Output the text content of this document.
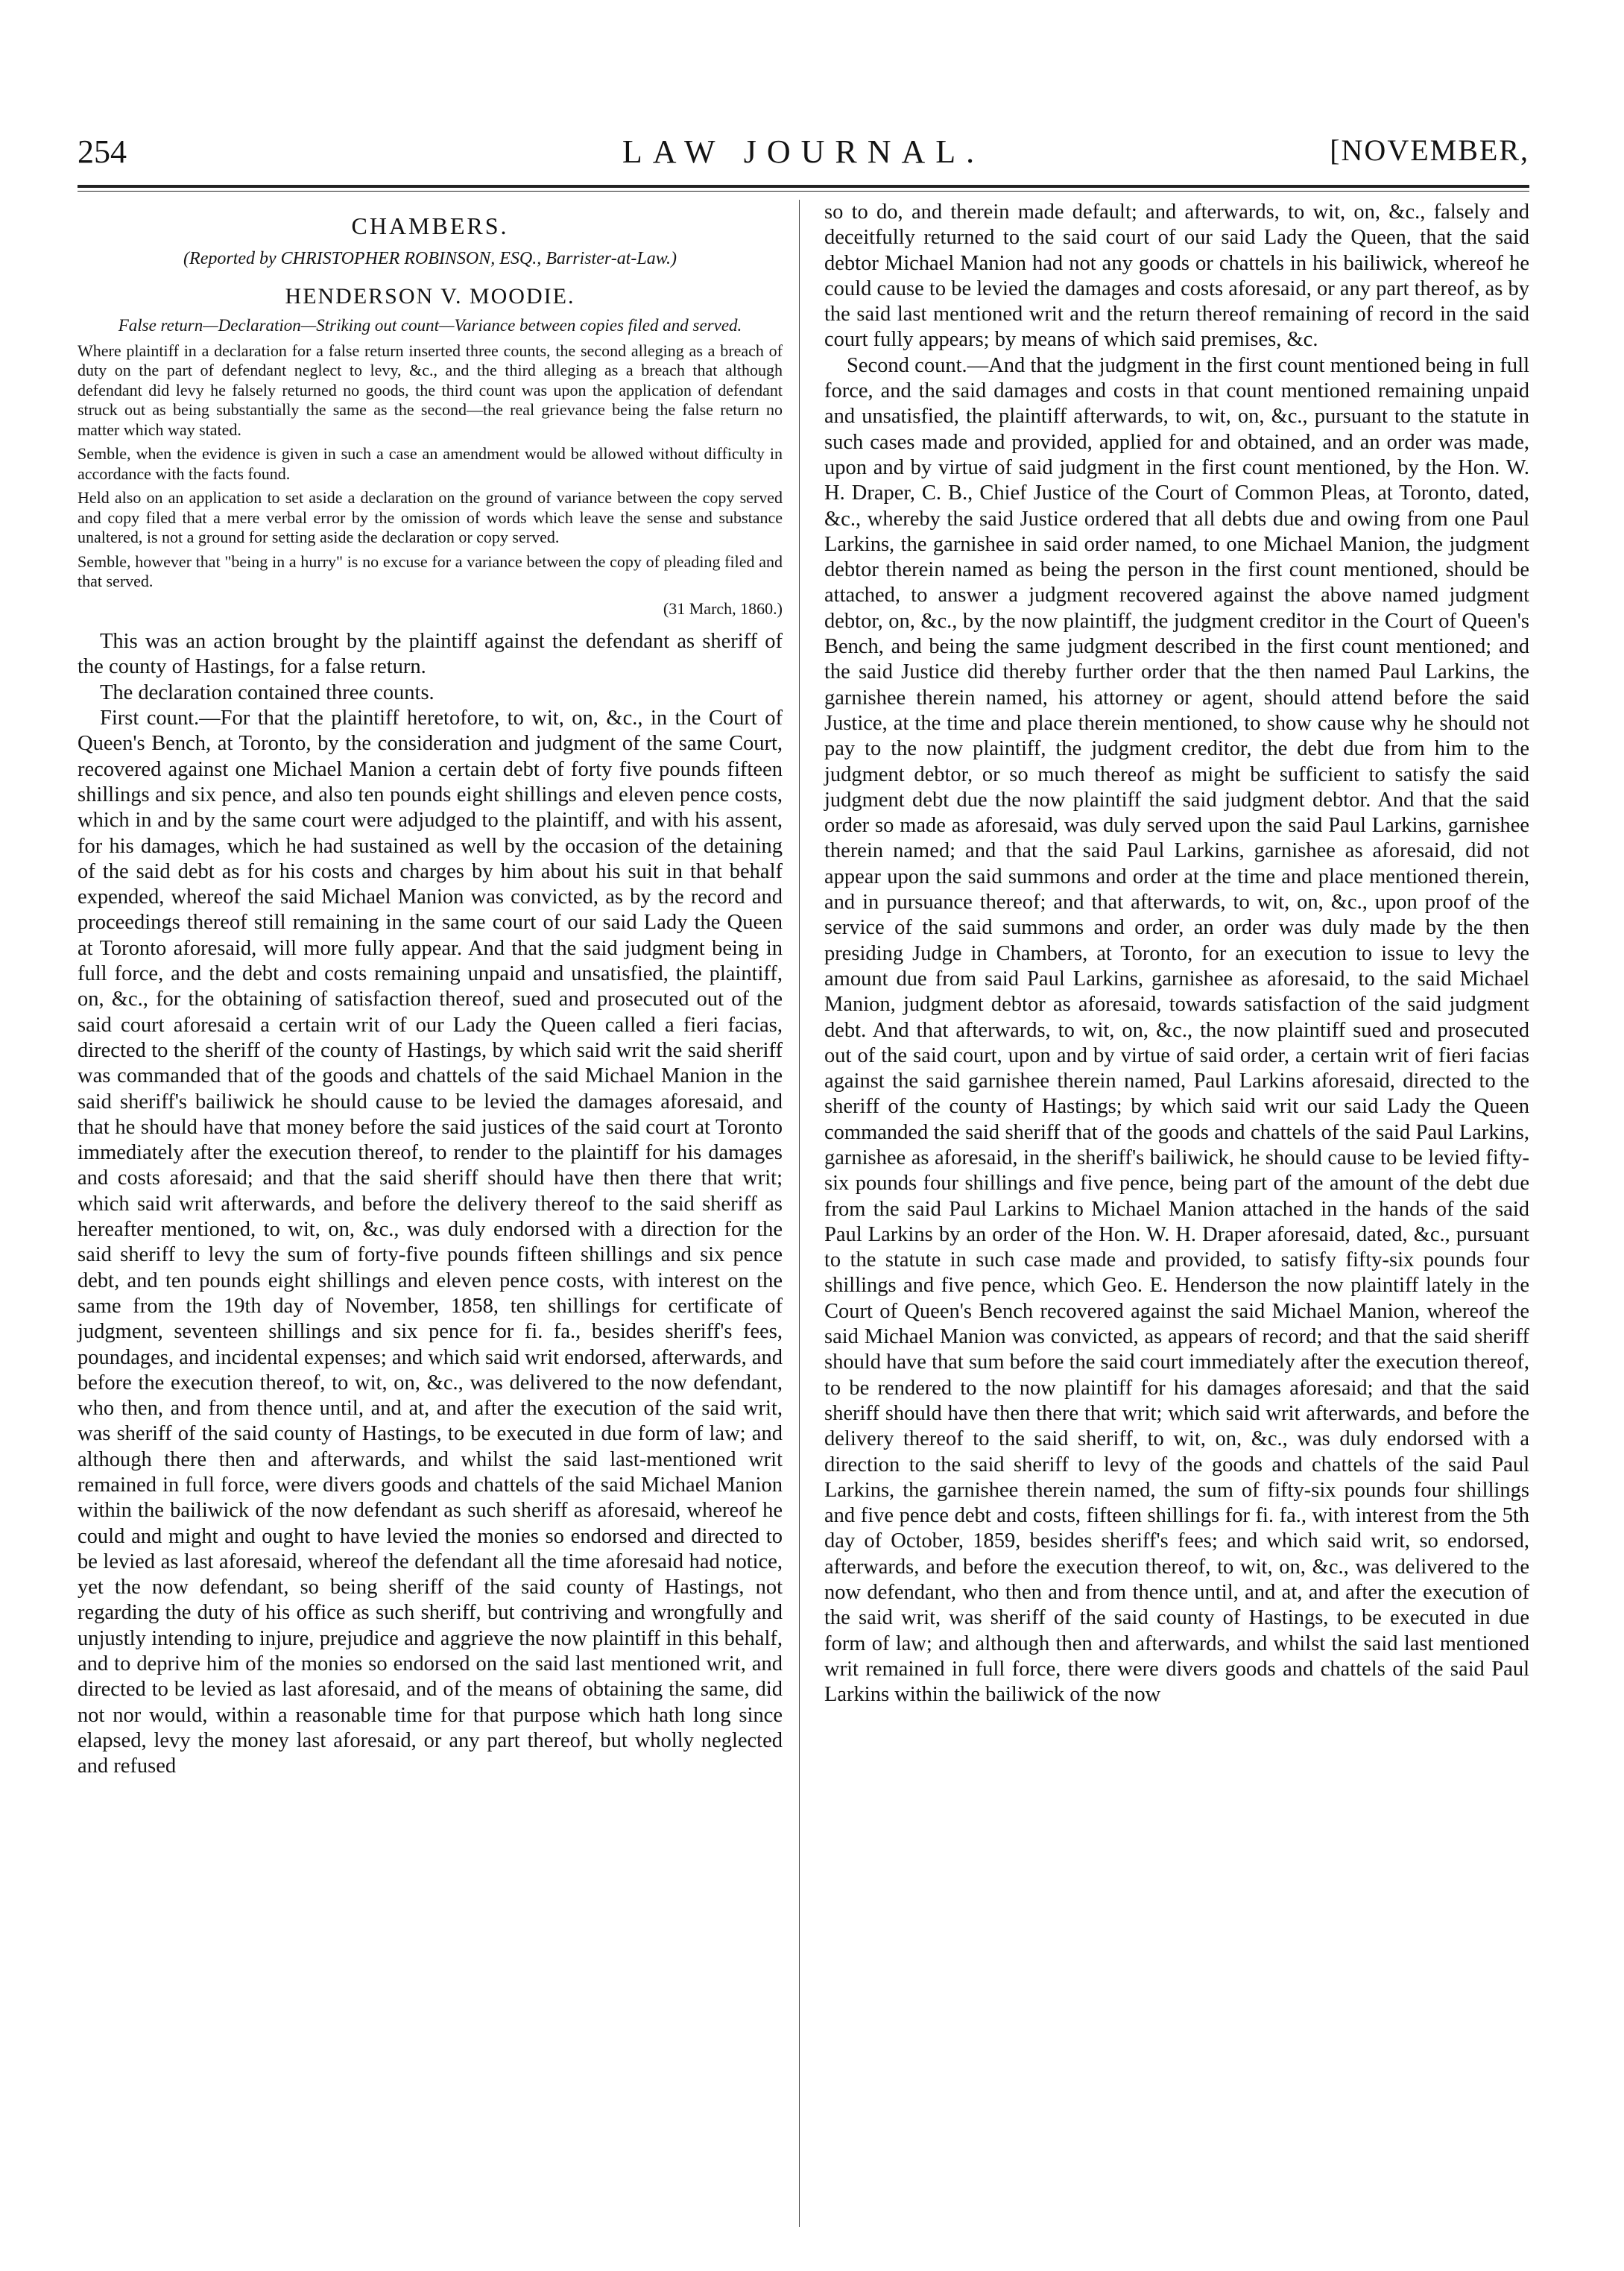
254	LAW JOURNAL.	[NOVEMBER,
CHAMBERS.
(Reported by CHRISTOPHER ROBINSON, ESQ., Barrister-at-Law.)
HENDERSON V. MOODIE.
False return—Declaration—Striking out count—Variance between copies filed and served.

Where plaintiff in a declaration for a false return inserted three counts, the second alleging as a breach of duty on the part of defendant neglect to levy, &c., and the third alleging as a breach that although defendant did levy he falsely returned no goods, the third count was upon the application of defendant struck out as being substantially the same as the second—the real grievance being the false return no matter which way stated.

Semble, when the evidence is given in such a case an amendment would be allowed without difficulty in accordance with the facts found.

Held also on an application to set aside a declaration on the ground of variance between the copy served and copy filed that a mere verbal error by the omission of words which leave the sense and substance unaltered, is not a ground for setting aside the declaration or copy served.

Semble, however that "being in a hurry" is no excuse for a variance between the copy of pleading filed and that served.

(31 March, 1860.)

This was an action brought by the plaintiff against the defendant as sheriff of the county of Hastings, for a false return.

The declaration contained three counts.

First count.—For that the plaintiff heretofore, to wit, on, &c., in the Court of Queen's Bench, at Toronto, by the consideration and judgment of the same Court, recovered against one Michael Manion a certain debt of forty five pounds fifteen shillings and six pence, and also ten pounds eight shillings and eleven pence costs, which in and by the same court were adjudged to the plaintiff, and with his assent, for his damages, which he had sustained as well by the occasion of the detaining of the said debt as for his costs and charges by him about his suit in that behalf expended, whereof the said Michael Manion was convicted, as by the record and proceedings thereof still remaining in the same court of our said Lady the Queen at Toronto aforesaid, will more fully appear. And that the said judgment being in full force, and the debt and costs remaining unpaid and unsatisfied, the plaintiff, on, &c., for the obtaining of satisfaction thereof, sued and prosecuted out of the said court aforesaid a certain writ of our Lady the Queen called a fieri facias, directed to the sheriff of the county of Hastings, by which said writ the said sheriff was commanded that of the goods and chattels of the said Michael Manion in the said sheriff's bailiwick he should cause to be levied the damages aforesaid, and that he should have that money before the said justices of the said court at Toronto immediately after the execution thereof, to render to the plaintiff for his damages and costs aforesaid; and that the said sheriff should have then there that writ; which said writ afterwards, and before the delivery thereof to the said sheriff as hereafter mentioned, to wit, on, &c., was duly endorsed with a direction for the said sheriff to levy the sum of forty-five pounds fifteen shillings and six pence debt, and ten pounds eight shillings and eleven pence costs, with interest on the same from the 19th day of November, 1858, ten shillings for certificate of judgment, seventeen shillings and six pence for fi. fa., besides sheriff's fees, poundages, and incidental expenses; and which said writ endorsed, afterwards, and before the execution thereof, to wit, on, &c., was delivered to the now defendant, who then, and from thence until, and at, and after the execution of the said writ, was sheriff of the said county of Hastings, to be executed in due form of law; and although there then and afterwards, and whilst the said last-mentioned writ remained in full force, were divers goods and chattels of the said Michael Manion within the bailiwick of the now defendant as such sheriff as aforesaid, whereof he could and might and ought to have levied the monies so endorsed and directed to be levied as last aforesaid, whereof the defendant all the time aforesaid had notice, yet the now defendant, so being sheriff of the said county of Hastings, not regarding the duty of his office as such sheriff, but contriving and wrongfully and unjustly intending to injure, prejudice and aggrieve the now plaintiff in this behalf, and to deprive him of the monies so endorsed on the said last mentioned writ, and directed to be levied as last aforesaid, and of the means of obtaining the same, did not nor would, within a reasonable time for that purpose which hath long since elapsed, levy the money last aforesaid, or any part thereof, but wholly neglected and refused

so to do, and therein made default; and afterwards, to wit, on, &c., falsely and deceitfully returned to the said court of our said Lady the Queen, that the said debtor Michael Manion had not any goods or chattels in his bailiwick, whereof he could cause to be levied the damages and costs aforesaid, or any part thereof, as by the said last mentioned writ and the return thereof remaining of record in the said court fully appears; by means of which said premises, &c.

Second count.—And that the judgment in the first count mentioned being in full force, and the said damages and costs in that count mentioned remaining unpaid and unsatisfied, the plaintiff afterwards, to wit, on, &c., pursuant to the statute in such cases made and provided, applied for and obtained, and an order was made, upon and by virtue of said judgment in the first count mentioned, by the Hon. W. H. Draper, C. B., Chief Justice of the Court of Common Pleas, at Toronto, dated, &c., whereby the said Justice ordered that all debts due and owing from one Paul Larkins, the garnishee in said order named, to one Michael Manion, the judgment debtor therein named as being the person in the first count mentioned, should be attached, to answer a judgment recovered against the above named judgment debtor, on, &c., by the now plaintiff, the judgment creditor in the Court of Queen's Bench, and being the same judgment described in the first count mentioned; and the said Justice did thereby further order that the then named Paul Larkins, the garnishee therein named, his attorney or agent, should attend before the said Justice, at the time and place therein mentioned, to show cause why he should not pay to the now plaintiff, the judgment creditor, the debt due from him to the judgment debtor, or so much thereof as might be sufficient to satisfy the said judgment debt due the now plaintiff the said judgment debtor. And that the said order so made as aforesaid, was duly served upon the said Paul Larkins, garnishee therein named; and that the said Paul Larkins, garnishee as aforesaid, did not appear upon the said summons and order at the time and place mentioned therein, and in pursuance thereof; and that afterwards, to wit, on, &c., upon proof of the service of the said summons and order, an order was duly made by the then presiding Judge in Chambers, at Toronto, for an execution to issue to levy the amount due from said Paul Larkins, garnishee as aforesaid, to the said Michael Manion, judgment debtor as aforesaid, towards satisfaction of the said judgment debt. And that afterwards, to wit, on, &c., the now plaintiff sued and prosecuted out of the said court, upon and by virtue of said order, a certain writ of fieri facias against the said garnishee therein named, Paul Larkins aforesaid, directed to the sheriff of the county of Hastings; by which said writ our said Lady the Queen commanded the said sheriff that of the goods and chattels of the said Paul Larkins, garnishee as aforesaid, in the sheriff's bailiwick, he should cause to be levied fifty-six pounds four shillings and five pence, being part of the amount of the debt due from the said Paul Larkins to Michael Manion attached in the hands of the said Paul Larkins by an order of the Hon. W. H. Draper aforesaid, dated, &c., pursuant to the statute in such case made and provided, to satisfy fifty-six pounds four shillings and five pence, which Geo. E. Henderson the now plaintiff lately in the Court of Queen's Bench recovered against the said Michael Manion, whereof the said Michael Manion was convicted, as appears of record; and that the said sheriff should have that sum before the said court immediately after the execution thereof, to be rendered to the now plaintiff for his damages aforesaid; and that the said sheriff should have then there that writ; which said writ afterwards, and before the delivery thereof to the said sheriff, to wit, on, &c., was duly endorsed with a direction to the said sheriff to levy of the goods and chattels of the said Paul Larkins, the garnishee therein named, the sum of fifty-six pounds four shillings and five pence debt and costs, fifteen shillings for fi. fa., with interest from the 5th day of October, 1859, besides sheriff's fees; and which said writ, so endorsed, afterwards, and before the execution thereof, to wit, on, &c., was delivered to the now defendant, who then and from thence until, and at, and after the execution of the said writ, was sheriff of the said county of Hastings, to be executed in due form of law; and although then and afterwards, and whilst the said last mentioned writ remained in full force, there were divers goods and chattels of the said Paul Larkins within the bailiwick of the now
